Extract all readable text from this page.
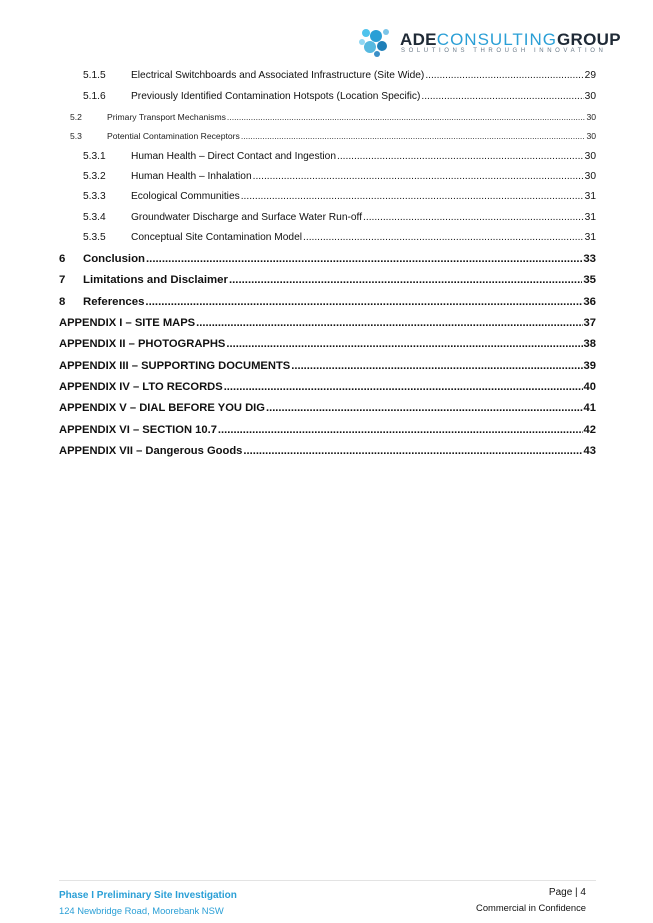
ADECONSULTINGGROUP
SOLUTIONS THROUGH INNOVATION
5.1.5	Electrical Switchboards and Associated Infrastructure (Site Wide) .....	29
5.1.6	Previously Identified Contamination Hotspots (Location Specific) .....	30
5.2	Primary Transport Mechanisms .....	30
5.3	Potential Contamination Receptors .....	30
5.3.1	Human Health – Direct Contact and Ingestion .....	30
5.3.2	Human Health – Inhalation .....	30
5.3.3	Ecological Communities .....	31
5.3.4	Groundwater Discharge and Surface Water Run-off .....	31
5.3.5	Conceptual Site Contamination Model .....	31
6	Conclusion .....	33
7	Limitations and Disclaimer .....	35
8	References .....	36
APPENDIX I – SITE MAPS .....	37
APPENDIX II – PHOTOGRAPHS .....	38
APPENDIX III – SUPPORTING DOCUMENTS .....	39
APPENDIX IV – LTO RECORDS .....	40
APPENDIX V – DIAL BEFORE YOU DIG .....	41
APPENDIX VI – SECTION 10.7 .....	42
APPENDIX VII – Dangerous Goods .....	43
Phase I Preliminary Site Investigation
124 Newbridge Road, Moorebank NSW
Page | 4
Commercial in Confidence
